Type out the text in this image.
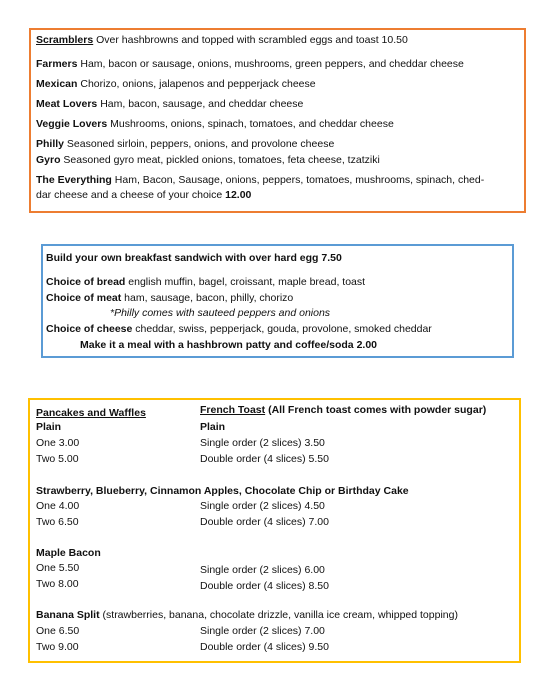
Scramblers Over hashbrowns and topped with scrambled eggs and toast 10.50
Farmers Ham, bacon or sausage, onions, mushrooms, green peppers, and cheddar cheese
Mexican Chorizo, onions, jalapenos and pepperjack cheese
Meat Lovers Ham, bacon, sausage, and cheddar cheese
Veggie Lovers Mushrooms, onions, spinach, tomatoes, and cheddar cheese
Philly Seasoned sirloin, peppers, onions, and provolone cheese
Gyro Seasoned gyro meat, pickled onions, tomatoes, feta cheese, tzatziki
The Everything Ham, Bacon, Sausage, onions, peppers, tomatoes, mushrooms, spinach, ched-
dar cheese and a cheese of your choice 12.00
Build your own breakfast sandwich with over hard egg 7.50
Choice of bread english muffin, bagel, croissant, maple bread, toast
Choice of meat ham, sausage, bacon, philly, chorizo
*Philly comes with sauteed peppers and onions
Choice of cheese cheddar, swiss, pepperjack, gouda, provolone, smoked cheddar
Make it a meal with a hashbrown patty and coffee/soda 2.00
Pancakes and Waffles	French Toast (All French toast comes with powder sugar)
Plain	Plain
One 3.00	Single order (2 slices) 3.50
Two 5.00	Double order (4 slices) 5.50
Strawberry, Blueberry, Cinnamon Apples, Chocolate Chip or Birthday Cake
One 4.00	Single order (2 slices) 4.50
Two 6.50	Double order (4 slices) 7.00
Maple Bacon
One 5.50	Single order (2 slices) 6.00
Two 8.00	Double order (4 slices) 8.50
Banana Split (strawberries, banana, chocolate drizzle, vanilla ice cream, whipped topping)
One 6.50	Single order (2 slices) 7.00
Two 9.00	Double order (4 slices) 9.50
